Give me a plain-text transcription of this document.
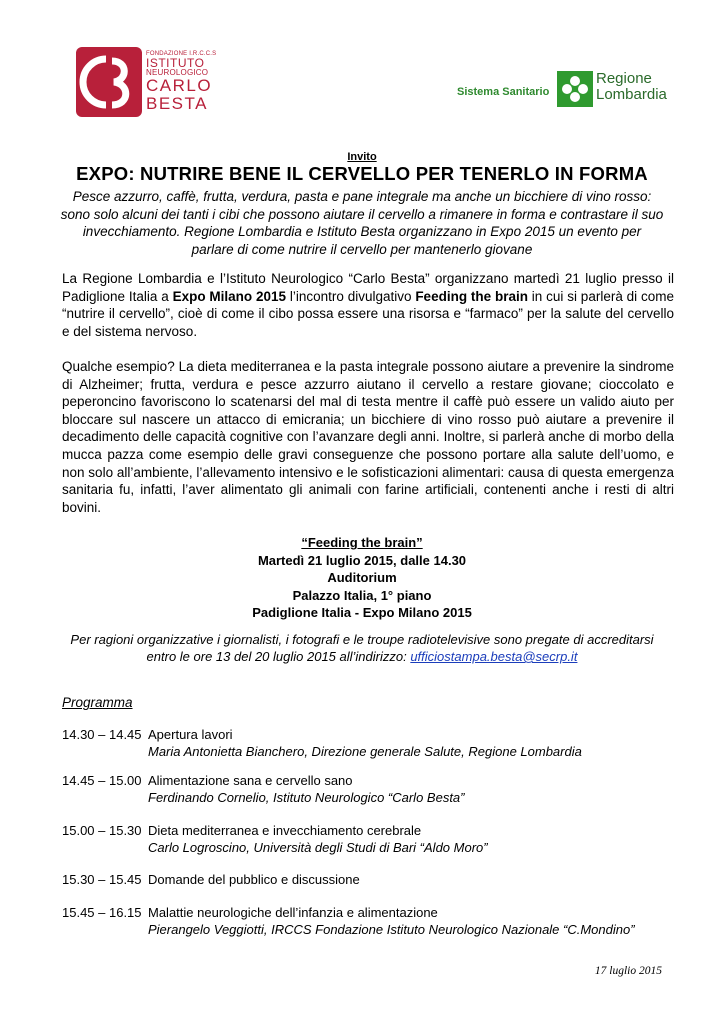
FONDAZIONE I.R.C.C.S
ISTITUTO
NEUROLOGICO
CARLO
BESTA
Sistema Sanitario
Regione
Lombardia
Invito
EXPO: NUTRIRE BENE IL CERVELLO PER TENERLO IN FORMA
Pesce azzurro, caffè, frutta, verdura, pasta e pane integrale ma anche un bicchiere di vino rosso: sono solo alcuni dei tanti i cibi che possono aiutare il cervello a rimanere in forma e contrastare il suo invecchiamento. Regione Lombardia e Istituto Besta organizzano in Expo 2015 un evento per parlare di come nutrire il cervello per mantenerlo giovane
La Regione Lombardia e l’Istituto Neurologico “Carlo Besta” organizzano martedì 21 luglio presso il Padiglione Italia a Expo Milano 2015 l’incontro divulgativo Feeding the brain in cui si parlerà di come “nutrire il cervello”, cioè di come il cibo possa essere una risorsa e “farmaco” per la salute del cervello e del sistema nervoso.
Qualche esempio? La dieta mediterranea e la pasta integrale possono aiutare a prevenire la sindrome di Alzheimer; frutta, verdura e pesce azzurro aiutano il cervello a restare giovane; cioccolato e peperoncino favoriscono lo scatenarsi del mal di testa mentre il caffè può essere un valido aiuto per bloccare sul nascere un attacco di emicrania; un bicchiere di vino rosso può aiutare a prevenire il decadimento delle capacità cognitive con l’avanzare degli anni. Inoltre, si parlerà anche di morbo della mucca pazza come esempio delle gravi conseguenze che possono portare alla salute dell’uomo, e non solo all’ambiente, l’allevamento intensivo e le sofisticazioni alimentari: causa di questa emergenza sanitaria fu, infatti, l’aver alimentato gli animali con farine artificiali, contenenti anche i resti di altri bovini.
“Feeding the brain”
Martedì 21 luglio 2015, dalle 14.30
Auditorium
Palazzo Italia, 1° piano
Padiglione Italia - Expo Milano 2015
Per ragioni organizzative i giornalisti, i fotografi e le troupe radiotelevisive sono pregate di accreditarsi entro le ore 13 del 20 luglio 2015 all’indirizzo: ufficiostampa.besta@secrp.it
Programma
14.30 – 14.45 Apertura lavori
Maria Antonietta Bianchero, Direzione generale Salute, Regione Lombardia
14.45 – 15.00 Alimentazione sana e cervello sano
Ferdinando Cornelio, Istituto Neurologico “Carlo Besta”
15.00 – 15.30 Dieta mediterranea e invecchiamento cerebrale
Carlo Logroscino, Università degli Studi di Bari “Aldo Moro”
15.30 – 15.45 Domande del pubblico e discussione
15.45 – 16.15 Malattie neurologiche dell’infanzia e alimentazione
Pierangelo Veggiotti, IRCCS Fondazione Istituto Neurologico Nazionale “C.Mondino”
17 luglio 2015
